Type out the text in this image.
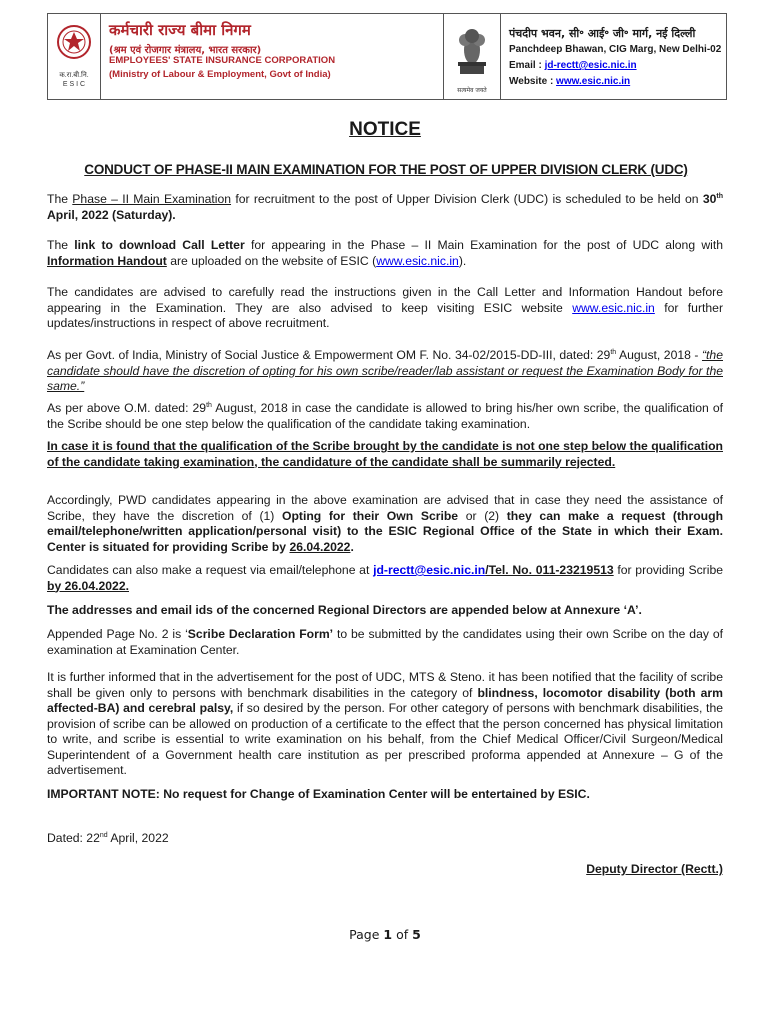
क.रा.बी.नि.
E S I C
कर्मचारी राज्य बीमा निगम
(श्रम एवं रोजगार मंत्रालय, भारत सरकार)
EMPLOYEES' STATE INSURANCE CORPORATION
(Ministry of Labour & Employment, Govt of India)
सत्यमेव जयते
पंचदीप भवन, सी॰ आई॰ जी॰ मार्ग, नई दिल्ली
Panchdeep Bhawan, CIG Marg, New Delhi-02
Email : jd-rectt@esic.nic.in
Website : www.esic.nic.in
NOTICE
CONDUCT OF PHASE-II MAIN EXAMINATION FOR THE POST OF UPPER DIVISION CLERK (UDC)
The Phase – II Main Examination for recruitment to the post of Upper Division Clerk (UDC) is scheduled to be held on 30th April, 2022 (Saturday).
The link to download Call Letter for appearing in the Phase – II Main Examination for the post of UDC along with Information Handout are uploaded on the website of ESIC (www.esic.nic.in).
The candidates are advised to carefully read the instructions given in the Call Letter and Information Handout before appearing in the Examination. They are also advised to keep visiting ESIC website www.esic.nic.in for further updates/instructions in respect of above recruitment.
As per Govt. of India, Ministry of Social Justice & Empowerment OM F. No. 34-02/2015-DD-III, dated: 29th August, 2018 - “the candidate should have the discretion of opting for his own scribe/reader/lab assistant or request the Examination Body for the same.”
As per above O.M. dated: 29th August, 2018 in case the candidate is allowed to bring his/her own scribe, the qualification of the Scribe should be one step below the qualification of the candidate taking examination.
In case it is found that the qualification of the Scribe brought by the candidate is not one step below the qualification of the candidate taking examination, the candidature of the candidate shall be summarily rejected.
Accordingly, PWD candidates appearing in the above examination are advised that in case they need the assistance of Scribe, they have the discretion of (1) Opting for their Own Scribe or (2) they can make a request (through email/telephone/written application/personal visit) to the ESIC Regional Office of the State in which their Exam. Center is situated for providing Scribe by 26.04.2022.
Candidates can also make a request via email/telephone at jd-rectt@esic.nic.in/Tel. No. 011-23219513 for providing Scribe by 26.04.2022.
The addresses and email ids of the concerned Regional Directors are appended below at Annexure ‘A’.
Appended Page No. 2 is ‘Scribe Declaration Form’ to be submitted by the candidates using their own Scribe on the day of examination at Examination Center.
It is further informed that in the advertisement for the post of UDC, MTS & Steno. it has been notified that the facility of scribe shall be given only to persons with benchmark disabilities in the category of blindness, locomotor disability (both arm affected-BA) and cerebral palsy, if so desired by the person. For other category of persons with benchmark disabilities, the provision of scribe can be allowed on production of a certificate to the effect that the person concerned has physical limitation to write, and scribe is essential to write examination on his behalf, from the Chief Medical Officer/Civil Surgeon/Medical Superintendent of a Government health care institution as per prescribed proforma appended at Annexure – G of the advertisement.
IMPORTANT NOTE: No request for Change of Examination Center will be entertained by ESIC.
Dated: 22nd April, 2022
Deputy Director (Rectt.)
Page 1 of 5
